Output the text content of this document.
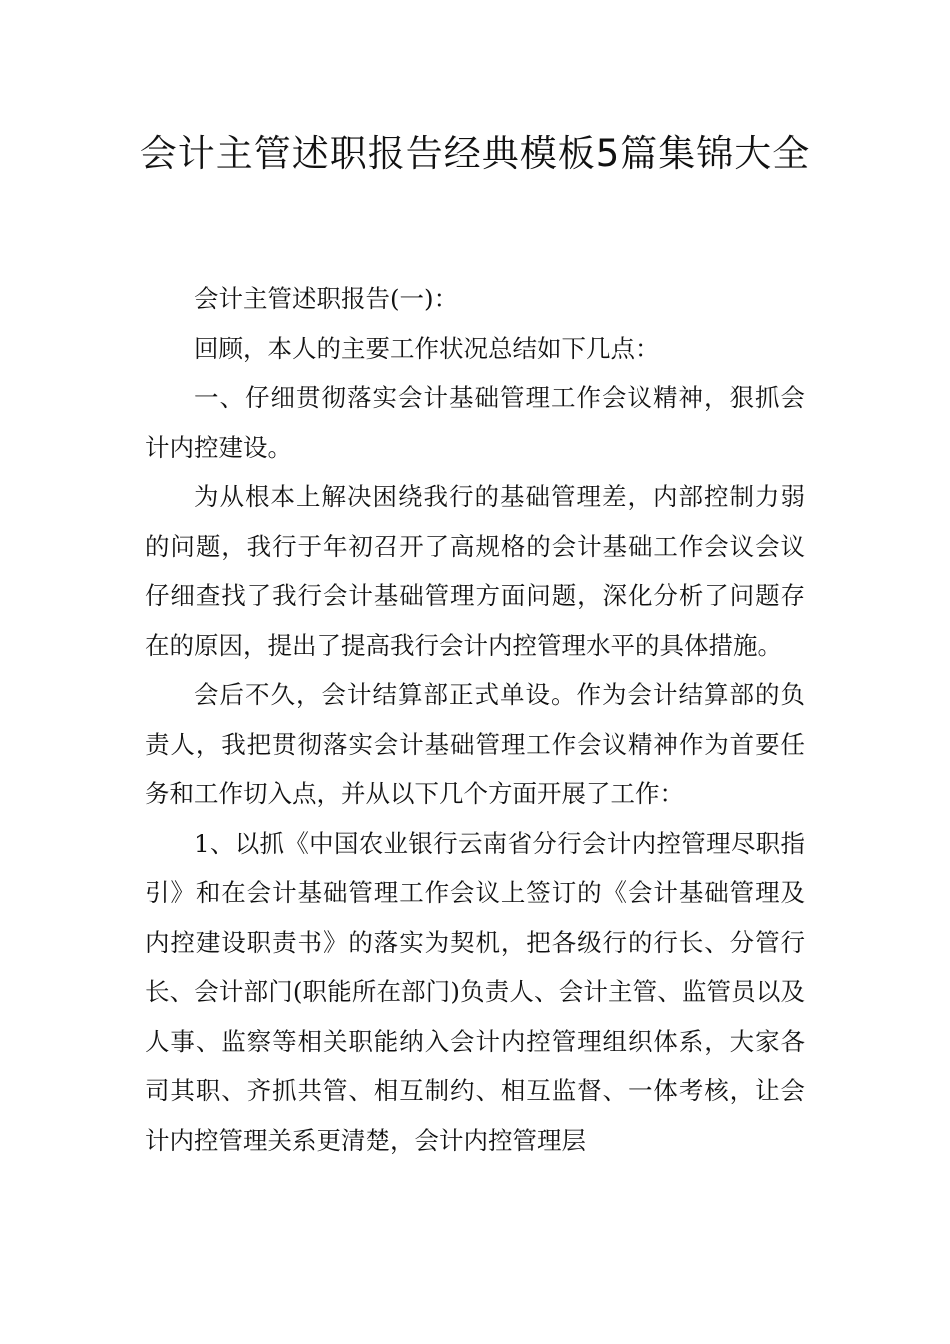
会计主管述职报告经典模板5篇集锦大全

会计主管述职报告(一)：

回顾，本人的主要工作状况总结如下几点：

一、仔细贯彻落实会计基础管理工作会议精神，狠抓会计内控建设。

为从根本上解决困绕我行的基础管理差，内部控制力弱的问题，我行于年初召开了高规格的会计基础工作会议会议仔细查找了我行会计基础管理方面问题，深化分析了问题存在的原因，提出了提高我行会计内控管理水平的具体措施。

会后不久，会计结算部正式单设。作为会计结算部的负责人，我把贯彻落实会计基础管理工作会议精神作为首要任务和工作切入点，并从以下几个方面开展了工作：

1、以抓《中国农业银行云南省分行会计内控管理尽职指引》和在会计基础管理工作会议上签订的《会计基础管理及内控建设职责书》的落实为契机，把各级行的行长、分管行长、会计部门(职能所在部门)负责人、会计主管、监管员以及人事、监察等相关职能纳入会计内控管理组织体系，大家各司其职、齐抓共管、相互制约、相互监督、一体考核，让会计内控管理关系更清楚，会计内控管理层
